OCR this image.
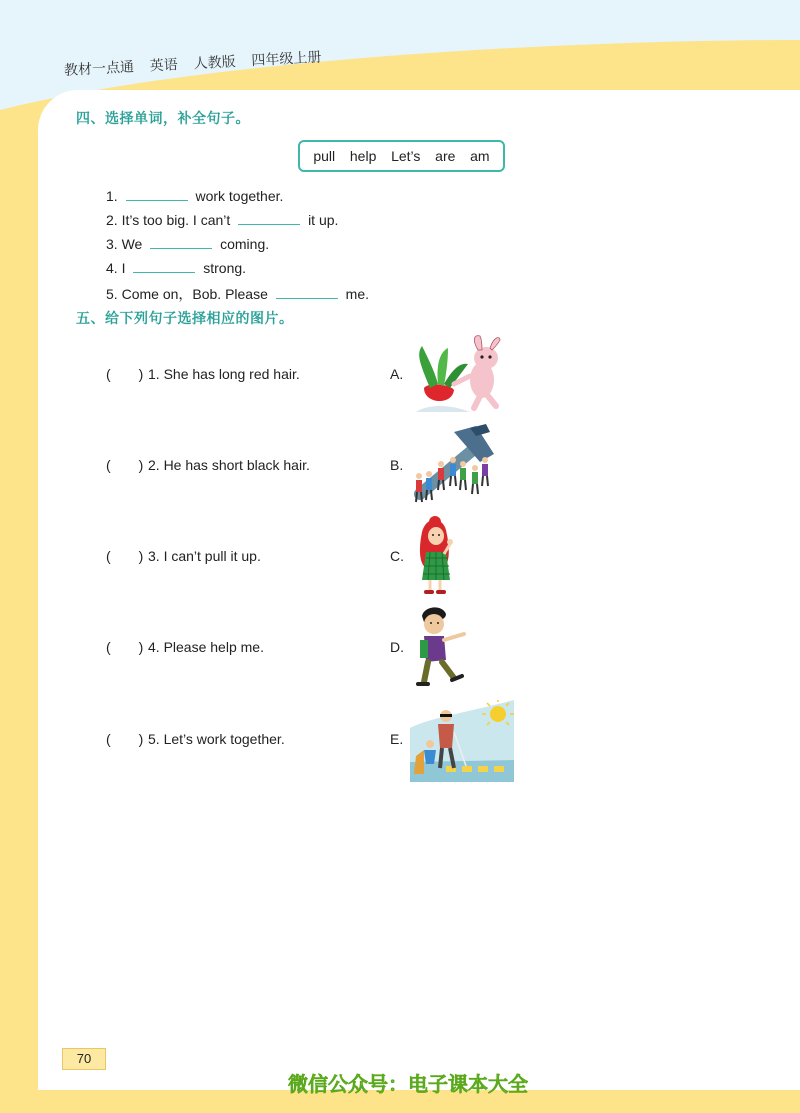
教材一点通 英语 人教版 四年级上册
四、选择单词，补全句子。
pull help Let’s are am
1.	work together.
2. It’s too big. I can’t	it up.
3. We	coming.
4. I	strong.
5. Come on，Bob. Please	me.
五、给下列句子选择相应的图片。
( ) 1. She has long red hair.	A.
( ) 2. He has short black hair.	B.
( ) 3. I can’t pull it up.	C.
( ) 4. Please help me.	D.
( ) 5. Let’s work together.	E.
70
微信公众号：电子课本大全
